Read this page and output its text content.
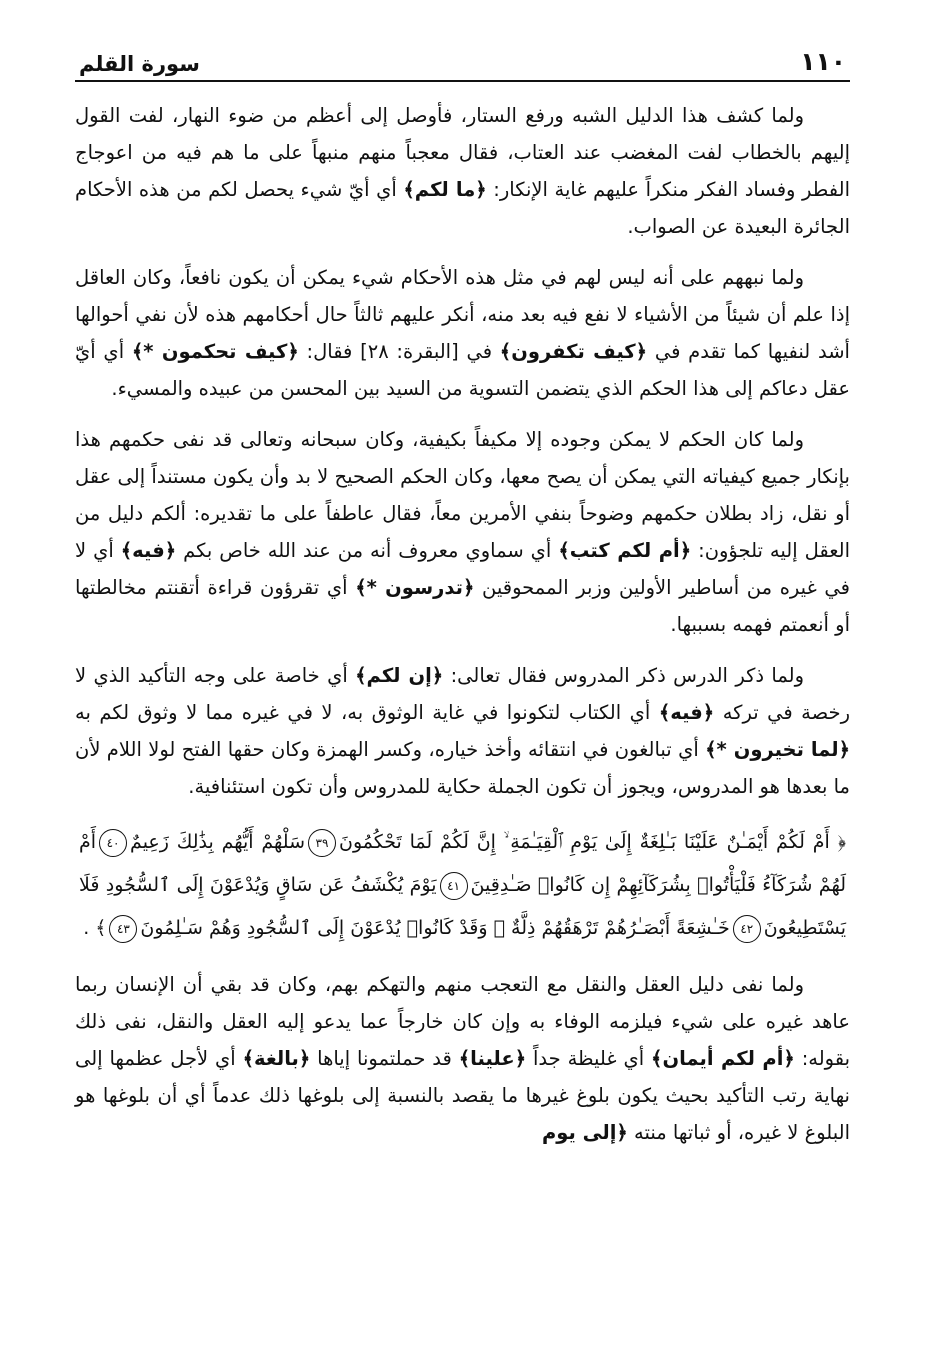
١١٠
سورة القلم

ولما كشف هذا الدليل الشبه ورفع الستار، فأوصل إلى أعظم من ضوء النهار، لفت القول إليهم بالخطاب لفت المغضب عند العتاب، فقال معجباً منهم منبهاً على ما هم فيه من اعوجاج الفطر وفساد الفكر منكراً عليهم غاية الإنكار: ﴿ما لكم﴾ أي أيّ شيء يحصل لكم من هذه الأحكام الجائرة البعيدة عن الصواب.

ولما نبههم على أنه ليس لهم في مثل هذه الأحكام شيء يمكن أن يكون نافعاً، وكان العاقل إذا علم أن شيئاً من الأشياء لا نفع فيه بعد منه، أنكر عليهم ثالثاً حال أحكامهم هذه لأن نفي أحوالها أشد لنفيها كما تقدم في ﴿كيف تكفرون﴾ في [البقرة: ٢٨] فقال: ﴿كيف تحكمون *﴾ أي أيّ عقل دعاكم إلى هذا الحكم الذي يتضمن التسوية من السيد بين المحسن من عبيده والمسيء.

ولما كان الحكم لا يمكن وجوده إلا مكيفاً بكيفية، وكان سبحانه وتعالى قد نفى حكمهم هذا بإنكار جميع كيفياته التي يمكن أن يصح معها، وكان الحكم الصحيح لا بد وأن يكون مستنداً إلى عقل أو نقل، زاد بطلان حكمهم وضوحاً بنفي الأمرين معاً، فقال عاطفاً على ما تقديره: ألكم دليل من العقل إليه تلجؤون: ﴿أم لكم كتب﴾ أي سماوي معروف أنه من عند الله خاص بكم ﴿فيه﴾ أي لا في غيره من أساطير الأولين وزبر الممحوقين ﴿تدرسون *﴾ أي تقرؤون قراءة أتقنتم مخالطتها أو أنعمتم فهمه بسببها.

ولما ذكر الدرس ذكر المدروس فقال تعالى: ﴿إن لكم﴾ أي خاصة على وجه التأكيد الذي لا رخصة في تركه ﴿فيه﴾ أي الكتاب لتكونوا في غاية الوثوق به، لا في غيره مما لا وثوق لكم به ﴿لما تخيرون *﴾ أي تبالغون في انتقائه وأخذ خياره، وكسر الهمزة وكان حقها الفتح لولا اللام لأن ما بعدها هو المدروس، ويجوز أن تكون الجملة حكاية للمدروس وأن تكون استئنافية.

﴿ أَمْ لَكُمْ أَيْمَـٰنٌ عَلَيْنَا بَـٰلِغَةٌ إِلَىٰ يَوْمِ ٱلْقِيَـٰمَةِ ۙ إِنَّ لَكُمْ لَمَا تَحْكُمُونَ٣٩سَلْهُمْ أَيُّهُم بِذَٰلِكَ زَعِيمٌ٤٠أَمْ لَهُمْ شُرَكَآءُ فَلْيَأْتُوا۟ بِشُرَكَآئِهِمْ إِن كَانُوا۟ صَـٰدِقِينَ٤١يَوْمَ يُكْشَفُ عَن سَاقٍ وَيُدْعَوْنَ إِلَى ٱلسُّجُودِ فَلَا يَسْتَطِيعُونَ٤٢خَـٰشِعَةً أَبْصَـٰرُهُمْ تَرْهَقُهُمْ ذِلَّةٌ ۖ وَقَدْ كَانُوا۟ يُدْعَوْنَ إِلَى ٱلسُّجُودِ وَهُمْ سَـٰلِمُونَ٤٣﴾ .

ولما نفى دليل العقل والنقل مع التعجب منهم والتهكم بهم، وكان قد بقي أن الإنسان ربما عاهد غيره على شيء فيلزمه الوفاء به وإن كان خارجاً عما يدعو إليه العقل والنقل، نفى ذلك بقوله: ﴿أم لكم أيمان﴾ أي غليظة جداً ﴿علينا﴾ قد حملتمونا إياها ﴿بالغة﴾ أي لأجل عظمها إلى نهاية رتب التأكيد بحيث يكون بلوغ غيرها ما يقصد بالنسبة إلى بلوغها ذلك عدماً أي أن بلوغها هو البلوغ لا غيره، أو ثباتها منته ﴿إلى يوم
